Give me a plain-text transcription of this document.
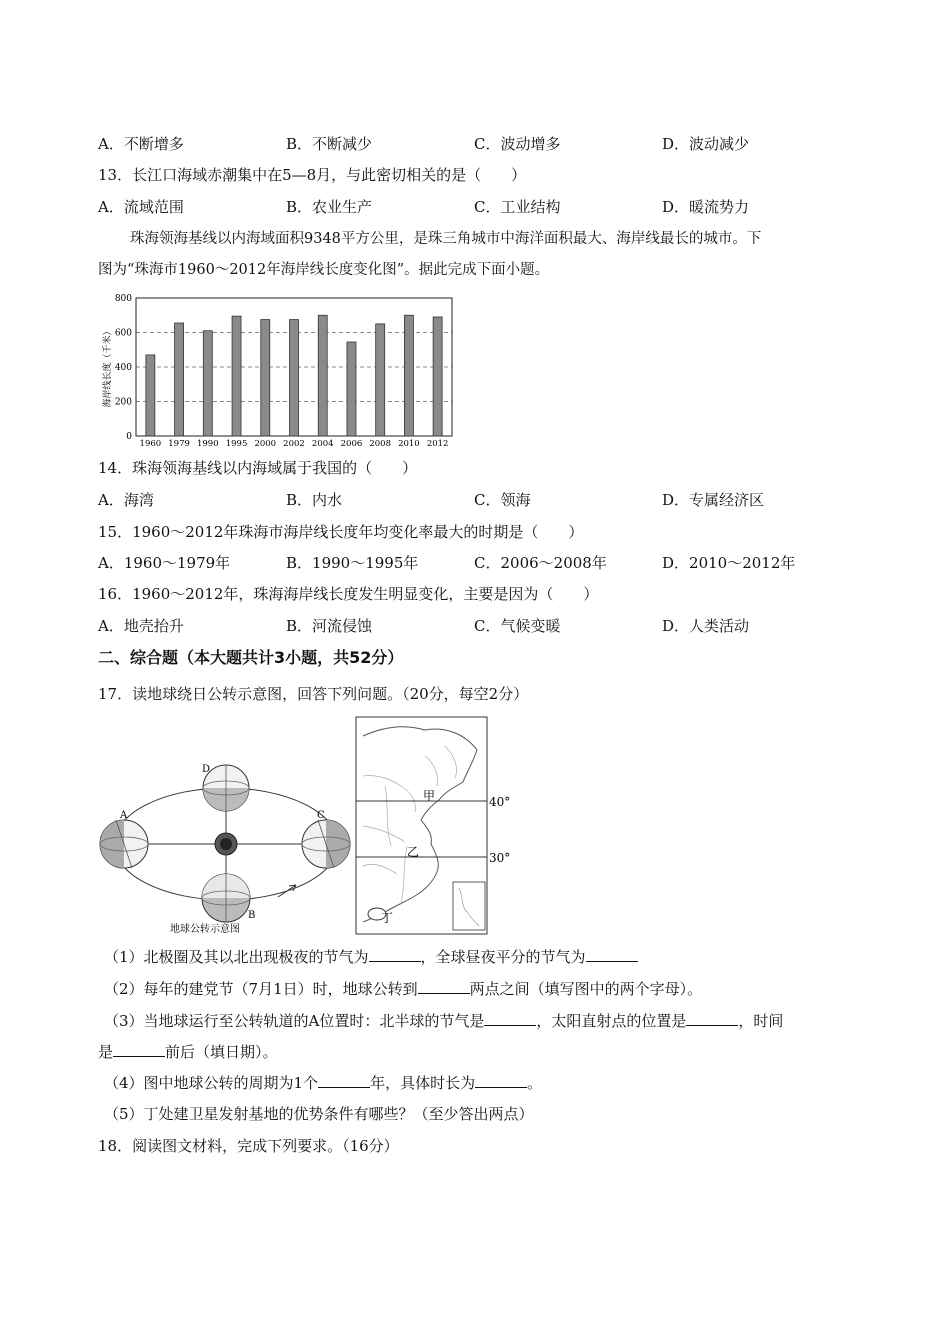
A．不断增多	B．不断减少	C．波动增多	D．波动减少
13．长江口海域赤潮集中在5—8月，与此密切相关的是（　　）
A．流域范围	B．农业生产	C．工业结构	D．暖流势力
珠海领海基线以内海域面积9348平方公里，是珠三角城市中海洋面积最大、海岸线最长的城市。下
图为“珠海市1960～2012年海岸线长度变化图”。据此完成下面小题。
0
200
400
600
800
1960 1979 1990 1995 2000 2002 2004 2006 2008 2010 2012
海岸线长度（千米）
14．珠海领海基线以内海域属于我国的（　　）
A．海湾	B．内水	C．领海	D．专属经济区
15．1960～2012年珠海市海岸线长度年均变化率最大的时期是（　　）
A．1960～1979年	B．1990～1995年	C．2006～2008年	D．2010～2012年
16．1960～2012年，珠海海岸线长度发生明显变化，主要是因为（　　）
A．地壳抬升	B．河流侵蚀	C．气候变暖	D．人类活动
二、综合题（本大题共计3小题，共52分）
17．读地球绕日公转示意图，回答下列问题。（20分，每空2分）
D
A	C
B
地球公转示意图
甲
乙
丁
40°
30°
（1）北极圈及其以北出现极夜的节气为	，全球昼夜平分的节气为
（2）每年的建党节（7月1日）时，地球公转到	两点之间（填写图中的两个字母）。
（3）当地球运行至公转轨道的A位置时：北半球的节气是	，太阳直射点的位置是	，时间
是	前后（填日期）。
（4）图中地球公转的周期为1个	年，具体时长为	。
（5）丁处建卫星发射基地的优势条件有哪些？（至少答出两点）
18．阅读图文材料，完成下列要求。（16分）
